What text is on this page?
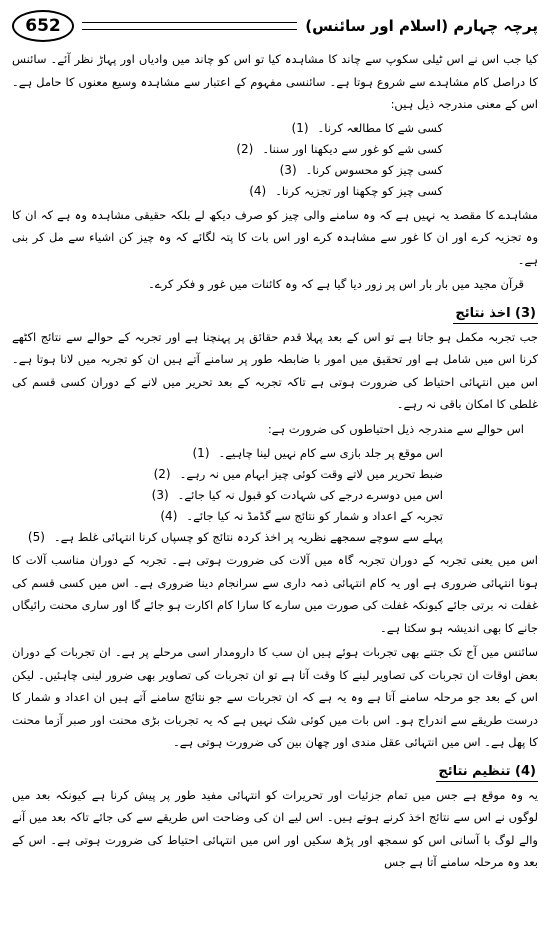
652	پرچہ چہارم (اسلام اور سائنس)

کیا جب اس نے اس ٹیلی سکوپ سے چاند کا مشاہدہ کیا تو اس کو چاند میں وادیاں اور پہاڑ نظر آئے۔ سائنس کا دراصل کام مشاہدے سے شروع ہوتا ہے۔ سائنسی مفہوم کے اعتبار سے مشاہدہ وسیع معنوں کا حامل ہے۔ اس کے معنی مندرجہ ذیل ہیں:

کسی شے کا مطالعہ کرنا۔
(1)
کسی شے کو غور سے دیکھنا اور سننا۔
(2)
کسی چیز کو محسوس کرنا۔
(3)
کسی چیز کو چکھنا اور تجزیہ کرنا۔
(4)

مشاہدے کا مقصد یہ نہیں ہے کہ وہ سامنے والی چیز کو صرف دیکھ لے بلکہ حقیقی مشاہدہ وہ ہے کہ ان کا وہ تجزیہ کرے اور ان کا غور سے مشاہدہ کرے اور اس بات کا پتہ لگائے کہ وہ چیز کن اشیاء سے مل کر بنی ہے۔

قرآن مجید میں بار بار اس پر زور دیا گیا ہے کہ وہ کائنات میں غور و فکر کرے۔

(3) اخذ نتائج

جب تجربہ مکمل ہو جاتا ہے تو اس کے بعد پہلا قدم حقائق پر پہنچنا ہے اور تجربہ کے حوالے سے نتائج اکٹھے کرنا اس میں شامل ہے اور تحقیق میں امور با ضابطہ طور پر سامنے آتے ہیں ان کو تجربہ میں لانا ہوتا ہے۔ اس میں انتہائی احتیاط کی ضرورت ہوتی ہے تاکہ تجربہ کے بعد تحریر میں لانے کے دوران کسی قسم کی غلطی کا امکان باقی نہ رہے۔

اس حوالے سے مندرجہ ذیل احتیاطوں کی ضرورت ہے:

اس موقع پر جلد بازی سے کام نہیں لینا چاہیے۔
(1)
ضبط تحریر میں لاتے وقت کوئی چیز ابہام میں نہ رہے۔
(2)
اس میں دوسرے درجے کی شہادت کو قبول نہ کیا جائے۔
(3)
تجربہ کے اعداد و شمار کو نتائج سے گڈمڈ نہ کیا جائے۔
(4)
پہلے سے سوچے سمجھے نظریہ پر اخذ کردہ نتائج کو چسپاں کرنا انتہائی غلط ہے۔
(5)

اس میں یعنی تجربہ کے دوران تجربہ گاہ میں آلات کی ضرورت ہوتی ہے۔ تجربہ کے دوران مناسب آلات کا ہونا انتہائی ضروری ہے اور یہ کام انتہائی ذمہ داری سے سرانجام دینا ضروری ہے۔ اس میں کسی قسم کی غفلت نہ برتی جائے کیونکہ غفلت کی صورت میں سارے کا سارا کام اکارت ہو جائے گا اور ساری محنت رائیگاں جانے کا بھی اندیشہ ہو سکتا ہے۔

سائنس میں آج تک جتنے بھی تجربات ہوئے ہیں ان سب کا دارومدار اسی مرحلے پر ہے۔ ان تجربات کے دوران بعض اوقات ان تجربات کی تصاویر لینے کا وقت آتا ہے تو ان تجربات کی تصاویر بھی ضرور لینی چاہئیں۔ لیکن اس کے بعد جو مرحلہ سامنے آتا ہے وہ یہ ہے کہ ان تجربات سے جو نتائج سامنے آتے ہیں ان اعداد و شمار کا درست طریقے سے اندراج ہو۔ اس بات میں کوئی شک نہیں ہے کہ یہ تجربات بڑی محنت اور صبر آزما محنت کا پھل ہے۔ اس میں انتہائی عقل مندی اور چھان بین کی ضرورت ہوتی ہے۔

(4) تنظیم نتائج

یہ وہ موقع ہے جس میں تمام جزئیات اور تحریرات کو انتہائی مفید طور پر پیش کرنا ہے کیونکہ بعد میں لوگوں نے اس سے نتائج اخذ کرنے ہوتے ہیں۔ اس لیے ان کی وضاحت اس طریقے سے کی جائے تاکہ بعد میں آنے والے لوگ با آسانی اس کو سمجھ اور پڑھ سکیں اور اس میں انتہائی احتیاط کی ضرورت ہوتی ہے۔ اس کے بعد وہ مرحلہ سامنے آتا ہے جس
